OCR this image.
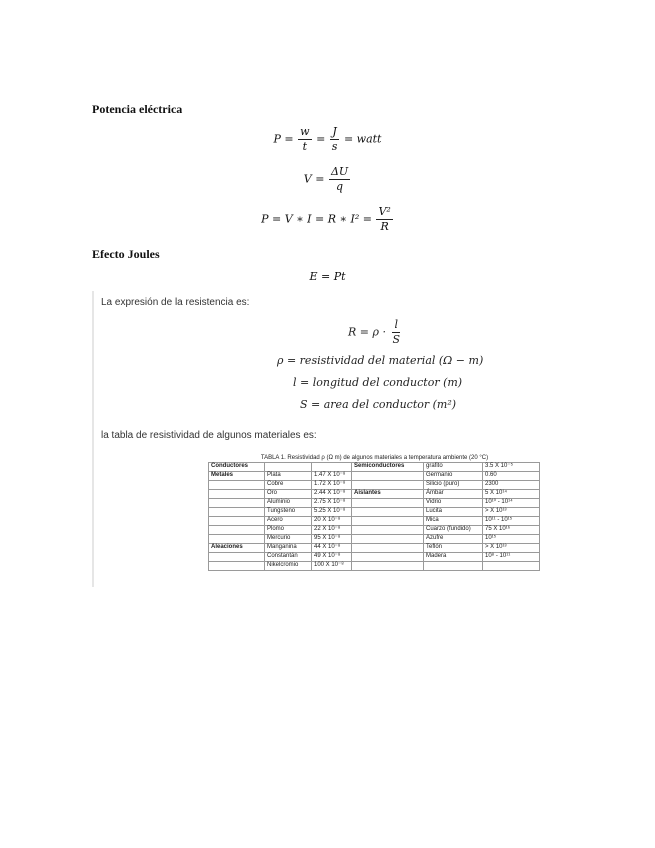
Potencia eléctrica
$P = \frac{w}{t} = \frac{J}{s}$ = watt
$V = \frac{\Delta U}{q}$
P = V ∗ I = R ∗ $I^2 = \frac{\text{V²}}{R}$
Efecto Joules
E = Pt
La expresión de la resistencia es:
$R = \rho \cdot \frac{l}{S}$
ρ = resistividad del material (Ω − m)
l = longitud del conductor (m)
S = area del conductor (m²)
la tabla de resistividad de algunos materiales es:
TABLA 1. Resistividad ρ (Ω m) de algunos materiales a temperatura ambiente (20 °C)
Conductores			Semiconductores	grafito	3.5 X 10⁻⁵
Metales	Plata	1.47 X 10⁻⁸		Germanio	0.60
	Cobre	1.72 X 10⁻⁸		Silicio (puro)	2300
	Oro	2.44 X 10⁻⁸	Aislantes	Ámbar	5 X 10¹⁴
	Aluminio	2.75 X 10⁻⁸		Vidrio	10¹⁰ - 10¹⁴
	Tungsteno	5.25 X 10⁻⁸		Lucita	> X 10¹³
	Acero	20 X 10⁻⁸		Mica	10¹¹ - 10¹⁵
	Plomo	22 X 10⁻⁸		Cuarzo (fundido)	75 X 10¹⁶
	Mercurio	95 X 10⁻⁸		Azufre	10¹⁵
Aleaciones	Manganina	44 X 10⁻⁸		Teflón	> X 10¹³
	Constantán	49 X 10⁻⁸		Madera	10⁸ - 10¹¹
	Nikelcromio	100 X 10⁻⁸			
